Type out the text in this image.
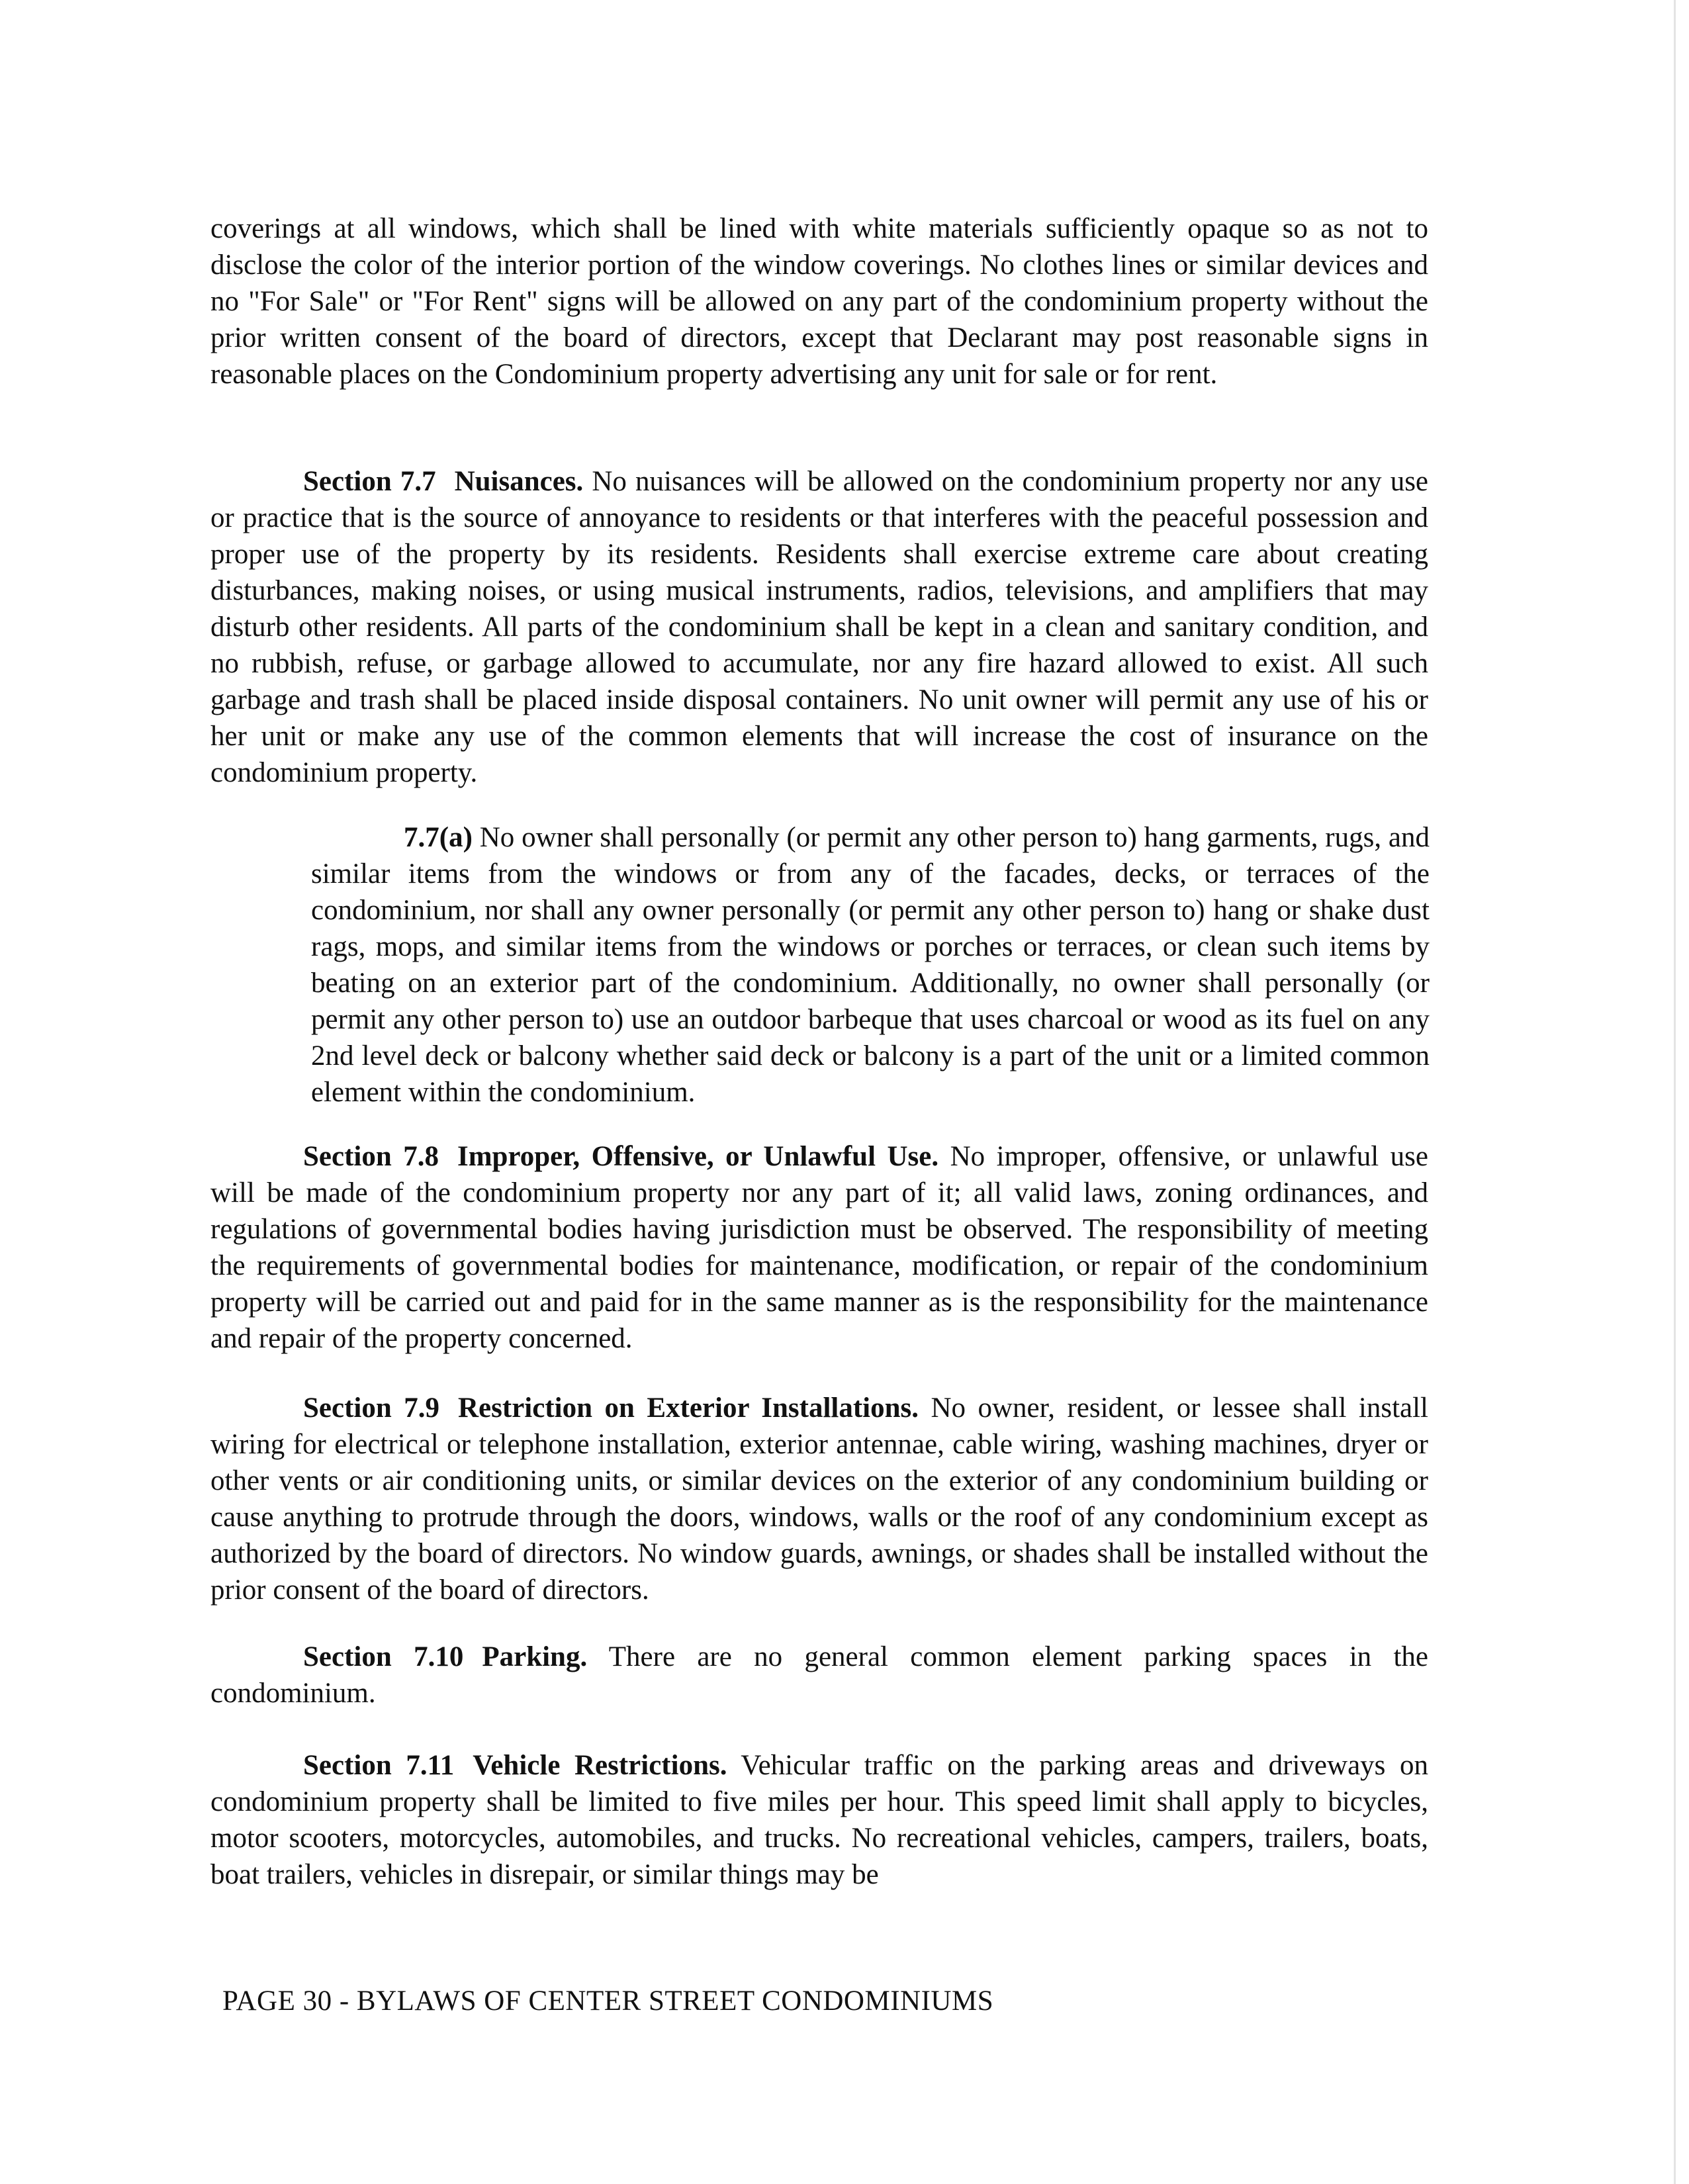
coverings at all windows, which shall be lined with white materials sufficiently opaque so as not to disclose the color of the interior portion of the window coverings. No clothes lines or similar devices and no "For Sale" or "For Rent" signs will be allowed on any part of the condominium property without the prior written consent of the board of directors, except that Declarant may post reasonable signs in reasonable places on the Condominium property advertising any unit for sale or for rent.

Section 7.7 Nuisances. No nuisances will be allowed on the condominium property nor any use or practice that is the source of annoyance to residents or that interferes with the peaceful possession and proper use of the property by its residents. Residents shall exercise extreme care about creating disturbances, making noises, or using musical instruments, radios, televisions, and amplifiers that may disturb other residents. All parts of the condominium shall be kept in a clean and sanitary condition, and no rubbish, refuse, or garbage allowed to accumulate, nor any fire hazard allowed to exist. All such garbage and trash shall be placed inside disposal containers. No unit owner will permit any use of his or her unit or make any use of the common elements that will increase the cost of insurance on the condominium property.

7.7(a) No owner shall personally (or permit any other person to) hang garments, rugs, and similar items from the windows or from any of the facades, decks, or terraces of the condominium, nor shall any owner personally (or permit any other person to) hang or shake dust rags, mops, and similar items from the windows or porches or terraces, or clean such items by beating on an exterior part of the condominium. Additionally, no owner shall personally (or permit any other person to) use an outdoor barbeque that uses charcoal or wood as its fuel on any 2nd level deck or balcony whether said deck or balcony is a part of the unit or a limited common element within the condominium.

Section 7.8 Improper, Offensive, or Unlawful Use. No improper, offensive, or unlawful use will be made of the condominium property nor any part of it; all valid laws, zoning ordinances, and regulations of governmental bodies having jurisdiction must be observed. The responsibility of meeting the requirements of governmental bodies for maintenance, modification, or repair of the condominium property will be carried out and paid for in the same manner as is the responsibility for the maintenance and repair of the property concerned.

Section 7.9 Restriction on Exterior Installations. No owner, resident, or lessee shall install wiring for electrical or telephone installation, exterior antennae, cable wiring, washing machines, dryer or other vents or air conditioning units, or similar devices on the exterior of any condominium building or cause anything to protrude through the doors, windows, walls or the roof of any condominium except as authorized by the board of directors. No window guards, awnings, or shades shall be installed without the prior consent of the board of directors.

Section 7.10 Parking. There are no general common element parking spaces in the condominium.

Section 7.11 Vehicle Restrictions. Vehicular traffic on the parking areas and driveways on condominium property shall be limited to five miles per hour. This speed limit shall apply to bicycles, motor scooters, motorcycles, automobiles, and trucks. No recreational vehicles, campers, trailers, boats, boat trailers, vehicles in disrepair, or similar things may be

PAGE 30 - BYLAWS OF CENTER STREET CONDOMINIUMS
